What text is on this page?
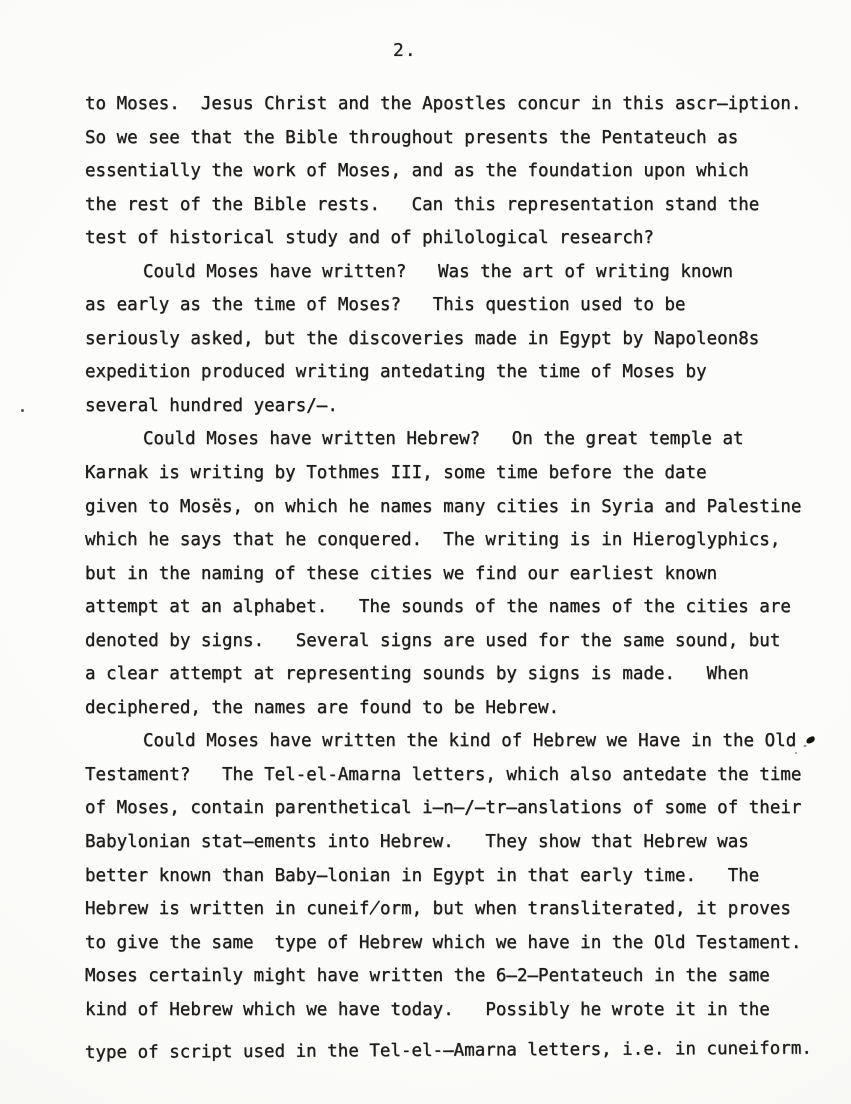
2.
to Moses.  Jesus Christ and the Apostles concur in this ascr̶iption.
So we see that the Bible throughout presents the Pentateuch as
essentially the work of Moses, and as the foundation upon which
the rest of the Bible rests.   Can this representation stand the
test of historical study and of philological research?
Could Moses have written?   Was the art of writing known
as early as the time of Moses?   This question used to be
seriously asked, but the discoveries made in Egypt by Napoleon8s
expedition produced writing antedating the time of Moses by
several hundred years/̶.
Could Moses have written Hebrew?   On the great temple at
Karnak is writing by Tothmes III, some time before the date
given to Mosës, on which he names many cities in Syria and Palestine
which he says that he conquered.  The writing is in Hieroglyphics,
but in the naming of these cities we find our earliest known
attempt at an alphabet.   The sounds of the names of the cities are
denoted by signs.   Several signs are used for the same sound, but
a clear attempt at representing sounds by signs is made.   When
deciphered, the names are found to be Hebrew.
Could Moses have written the kind of Hebrew we Have in the Old
Testament?   The Tel-el-Amarna letters, which also antedate the time
of Moses, contain parenthetical i̶n̶/̶tr̶anslations of some of their
Babylonian stat̶ements into Hebrew.   They show that Hebrew was
better known than Baby̶lonian in Egypt in that early time.   The
Hebrew is written in cuneif̸orm, but when transliterated, it proves
to give the same  type of Hebrew which we have in the Old Testament.
Moses certainly might have written the 6̶2̶Pentateuch in the same
kind of Hebrew which we have today.   Possibly he wrote it in the
type of script used in the Tel-el-̶Amarna letters, i.e. in cuneiform.
